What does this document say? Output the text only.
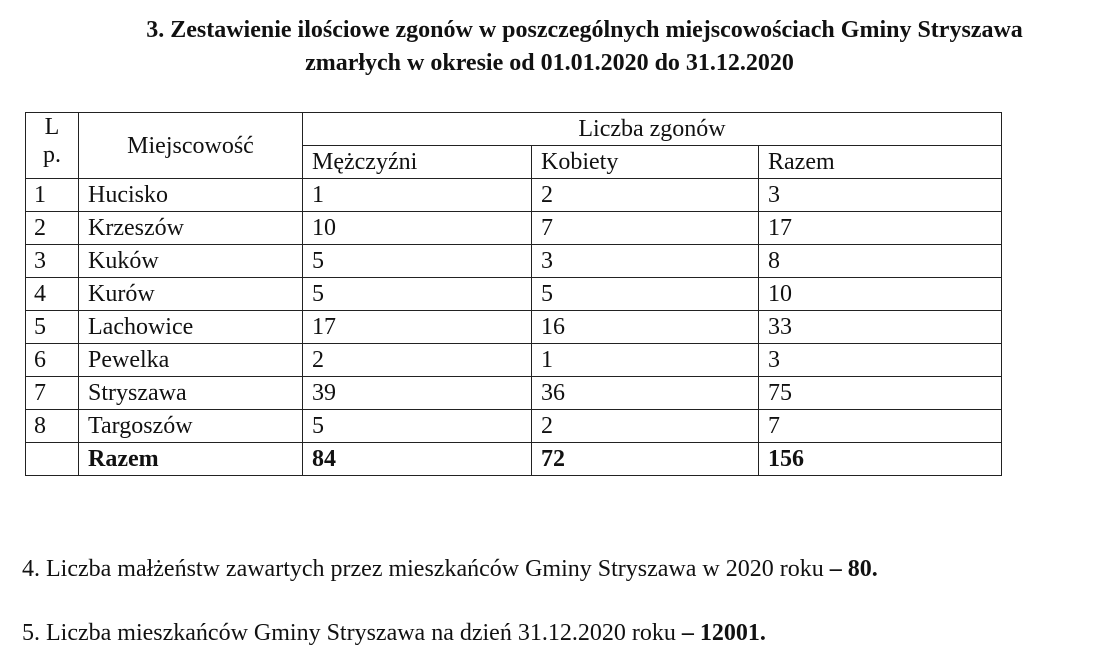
3. Zestawienie ilościowe zgonów w poszczególnych miejscowościach Gminy Stryszawa
zmarłych w okresie od 01.01.2020 do 31.12.2020
L
p.	Miejscowość	Liczba zgonów		
		Mężczyźni	Kobiety	Razem
1	Hucisko	1	2	3
2	Krzeszów	10	7	17
3	Kuków	5	3	8
4	Kurów	5	5	10
5	Lachowice	17	16	33
6	Pewelka	2	1	3
7	Stryszawa	39	36	75
8	Targoszów	5	2	7
	Razem	84	72	156
4. Liczba małżeństw zawartych przez mieszkańców Gminy Stryszawa w 2020 roku – 80.
5. Liczba mieszkańców Gminy Stryszawa na dzień 31.12.2020 roku – 12001.
